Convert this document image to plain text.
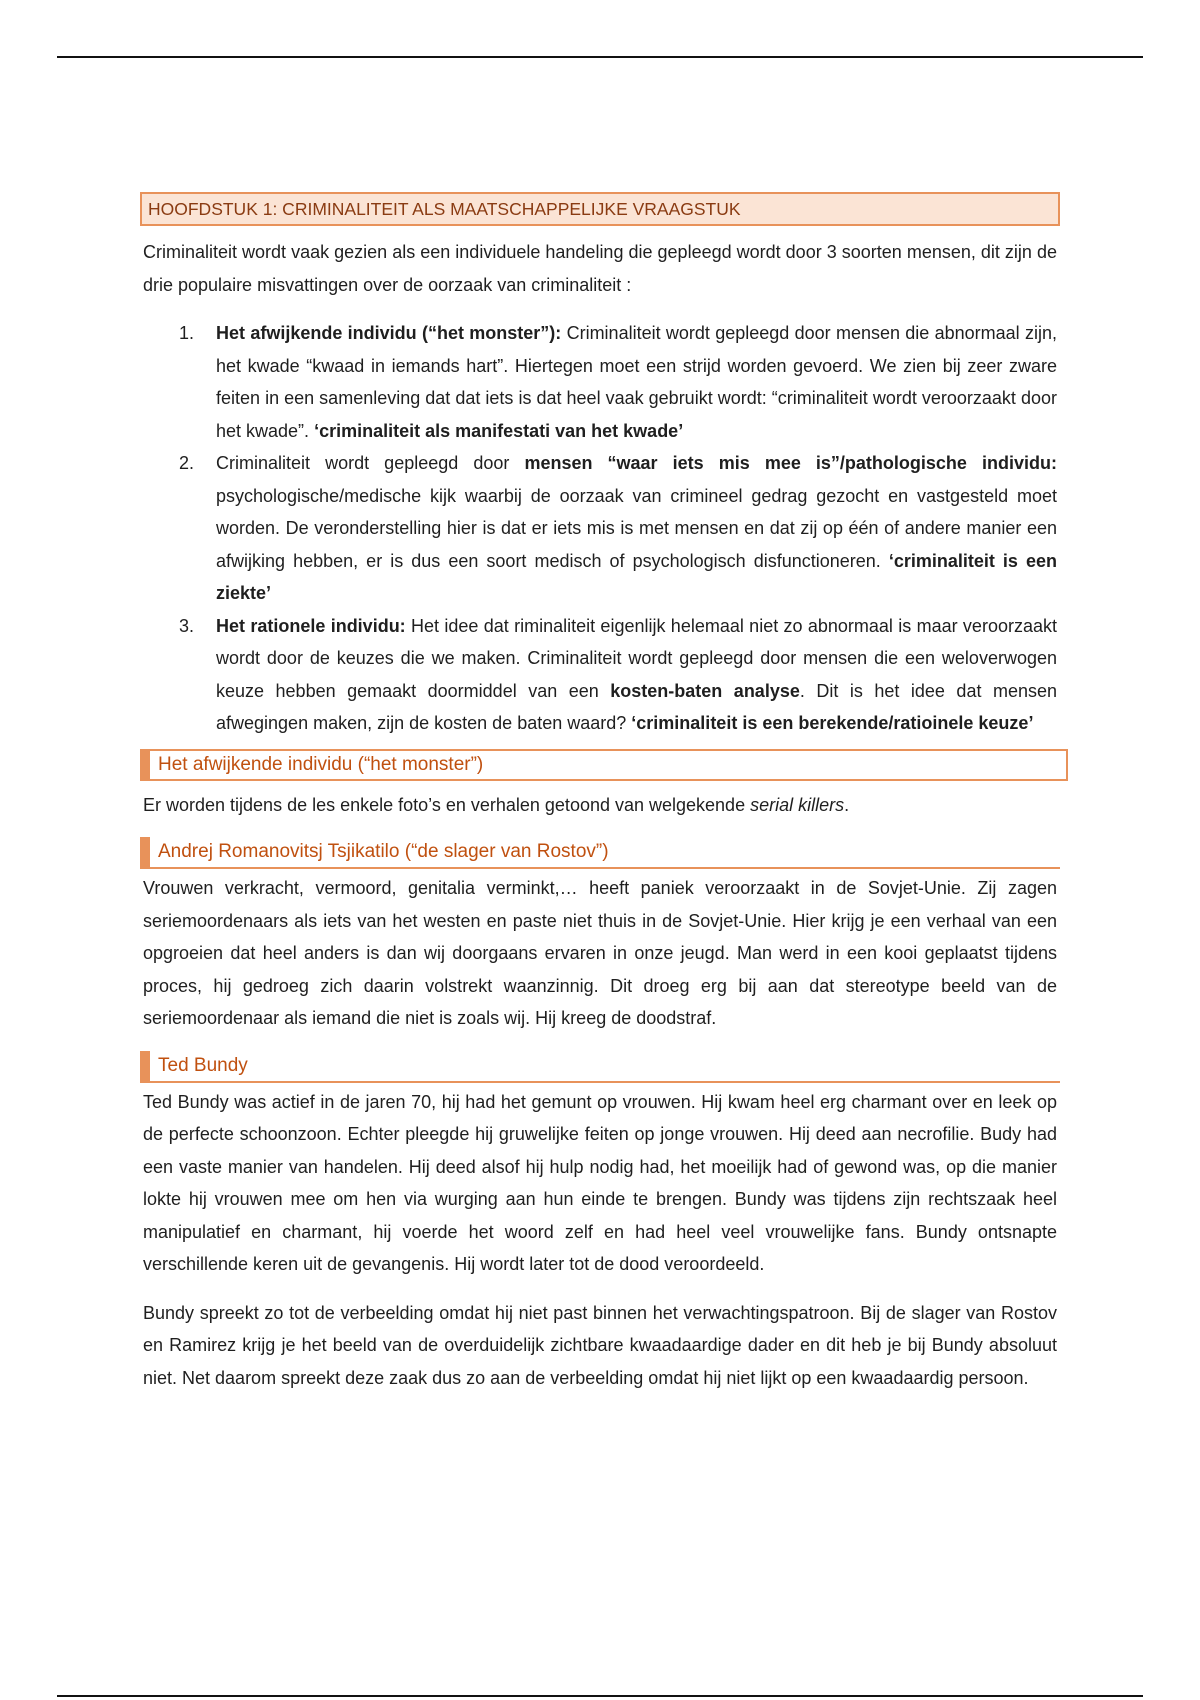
HOOFDSTUK 1: CRIMINALITEIT ALS MAATSCHAPPELIJKE VRAAGSTUK

Criminaliteit wordt vaak gezien als een individuele handeling die gepleegd wordt door 3 soorten mensen, dit zijn de drie populaire misvattingen over de oorzaak van criminaliteit :

1. Het afwijkende individu (“het monster”): Criminaliteit wordt gepleegd door mensen die abnormaal zijn, het kwade “kwaad in iemands hart”. Hiertegen moet een strijd worden gevoerd. We zien bij zeer zware feiten in een samenleving dat dat iets is dat heel vaak gebruikt wordt: “criminaliteit wordt veroorzaakt door het kwade”. ‘criminaliteit als manifestati van het kwade’
2. Criminaliteit wordt gepleegd door mensen “waar iets mis mee is”/pathologische individu: psychologische/medische kijk waarbij de oorzaak van crimineel gedrag gezocht en vastgesteld moet worden. De veronderstelling hier is dat er iets mis is met mensen en dat zij op één of andere manier een afwijking hebben, er is dus een soort medisch of psychologisch disfunctioneren. ‘criminaliteit is een ziekte’
3. Het rationele individu: Het idee dat riminaliteit eigenlijk helemaal niet zo abnormaal is maar veroorzaakt wordt door de keuzes die we maken. Criminaliteit wordt gepleegd door mensen die een weloverwogen keuze hebben gemaakt doormiddel van een kosten-baten analyse. Dit is het idee dat mensen afwegingen maken, zijn de kosten de baten waard? ‘criminaliteit is een berekende/ratioinele keuze’
Het afwijkende individu (“het monster”)

Er worden tijdens de les enkele foto’s en verhalen getoond van welgekende serial killers.

Andrej Romanovitsj Tsjikatilo (“de slager van Rostov”)

Vrouwen verkracht, vermoord, genitalia verminkt,… heeft paniek veroorzaakt in de Sovjet-Unie. Zij zagen seriemoordenaars als iets van het westen en paste niet thuis in de Sovjet-Unie. Hier krijg je een verhaal van een opgroeien dat heel anders is dan wij doorgaans ervaren in onze jeugd. Man werd in een kooi geplaatst tijdens proces, hij gedroeg zich daarin volstrekt waanzinnig. Dit droeg erg bij aan dat stereotype beeld van de seriemoordenaar als iemand die niet is zoals wij. Hij kreeg de doodstraf.

Ted Bundy

Ted Bundy was actief in de jaren 70, hij had het gemunt op vrouwen. Hij kwam heel erg charmant over en leek op de perfecte schoonzoon. Echter pleegde hij gruwelijke feiten op jonge vrouwen. Hij deed aan necrofilie. Budy had een vaste manier van handelen. Hij deed alsof hij hulp nodig had, het moeilijk had of gewond was, op die manier lokte hij vrouwen mee om hen via wurging aan hun einde te brengen. Bundy was tijdens zijn rechtszaak heel manipulatief en charmant, hij voerde het woord zelf en had heel veel vrouwelijke fans. Bundy ontsnapte verschillende keren uit de gevangenis. Hij wordt later tot de dood veroordeeld.

Bundy spreekt zo tot de verbeelding omdat hij niet past binnen het verwachtingspatroon. Bij de slager van Rostov en Ramirez krijg je het beeld van de overduidelijk zichtbare kwaadaardige dader en dit heb je bij Bundy absoluut niet. Net daarom spreekt deze zaak dus zo aan de verbeelding omdat hij niet lijkt op een kwaadaardig persoon.
